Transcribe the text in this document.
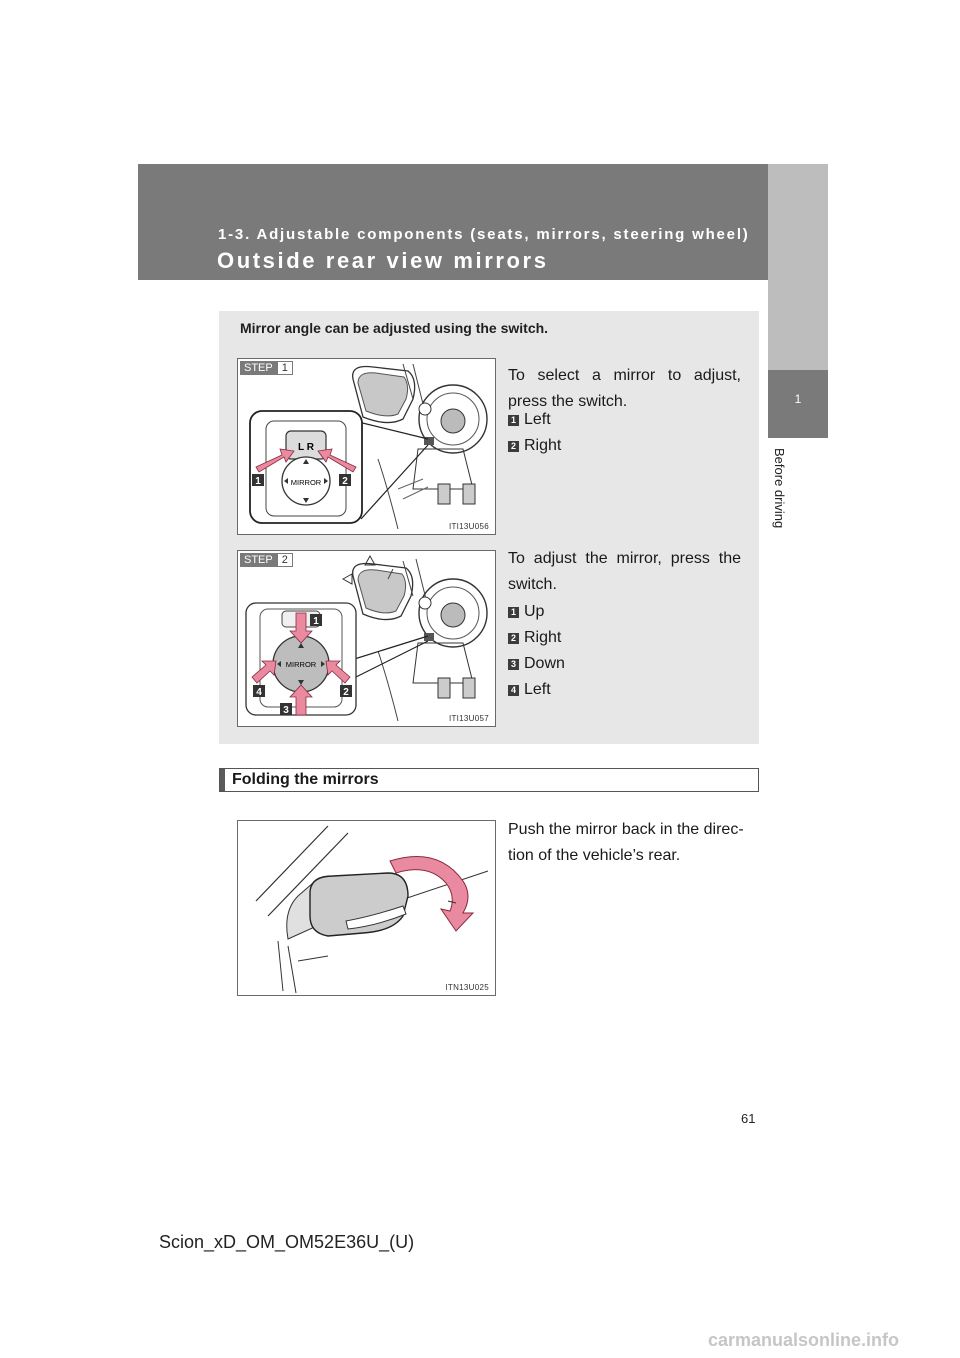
1-3. Adjustable components (seats, mirrors, steering wheel)
Outside rear view mirrors
1
Before driving
Mirror angle can be adjusted using the switch.
STEP 1
L R
MIRROR
1	2
ITI13U056
To select a mirror to adjust, press the switch.
1 Left
2 Right
STEP 2
MIRROR
1
2
3
4
ITI13U057
To adjust the mirror, press the switch.
1 Up
2 Right
3 Down
4 Left
Folding the mirrors
ITN13U025
Push the mirror back in the direc-tion of the vehicle’s rear.
61
Scion_xD_OM_OM52E36U_(U)
carmanualsonline.info
